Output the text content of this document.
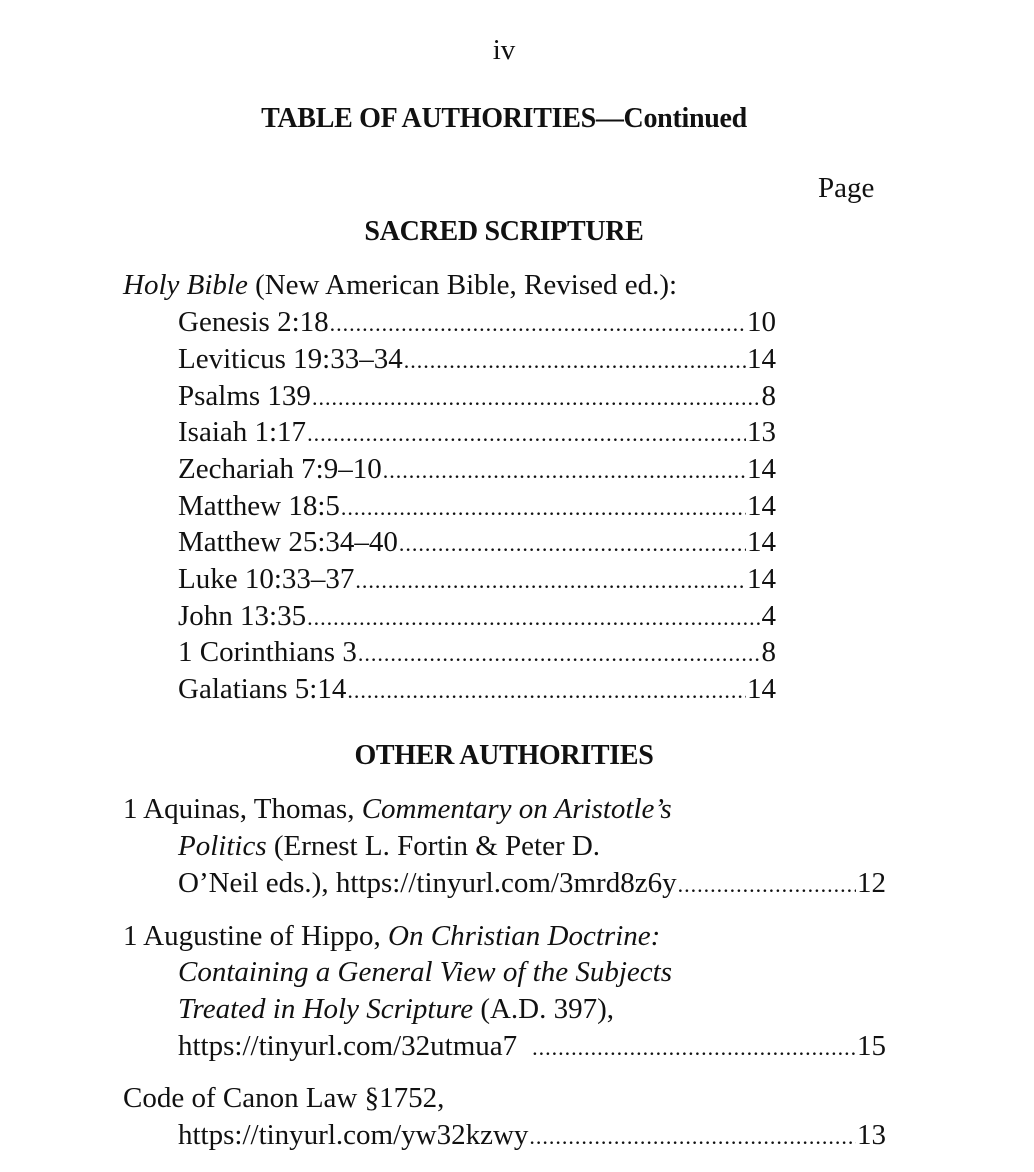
iv
TABLE OF AUTHORITIES—Continued
Page
SACRED SCRIPTURE
Holy Bible (New American Bible, Revised ed.):
Genesis 2:18 .....	10
Leviticus 19:33–34 .....	14
Psalms 139 .....	8
Isaiah 1:17 .....	13
Zechariah 7:9–10 .....	14
Matthew 18:5 .....	14
Matthew 25:34–40 .....	14
Luke 10:33–37 .....	14
John 13:35 .....	4
1 Corinthians 3 .....	8
Galatians 5:14 .....	14
OTHER AUTHORITIES
1 Aquinas, Thomas, Commentary on Aristotle’s
Politics (Ernest L. Fortin & Peter D.
O’Neil eds.), https://tinyurl.com/3mrd8z6y .....	12
1 Augustine of Hippo, On Christian Doctrine:
Containing a General View of the Subjects
Treated in Holy Scripture (A.D. 397),
https://tinyurl.com/32utmua7 .....	15
Code of Canon Law §1752,
https://tinyurl.com/yw32kzwy .....	13
